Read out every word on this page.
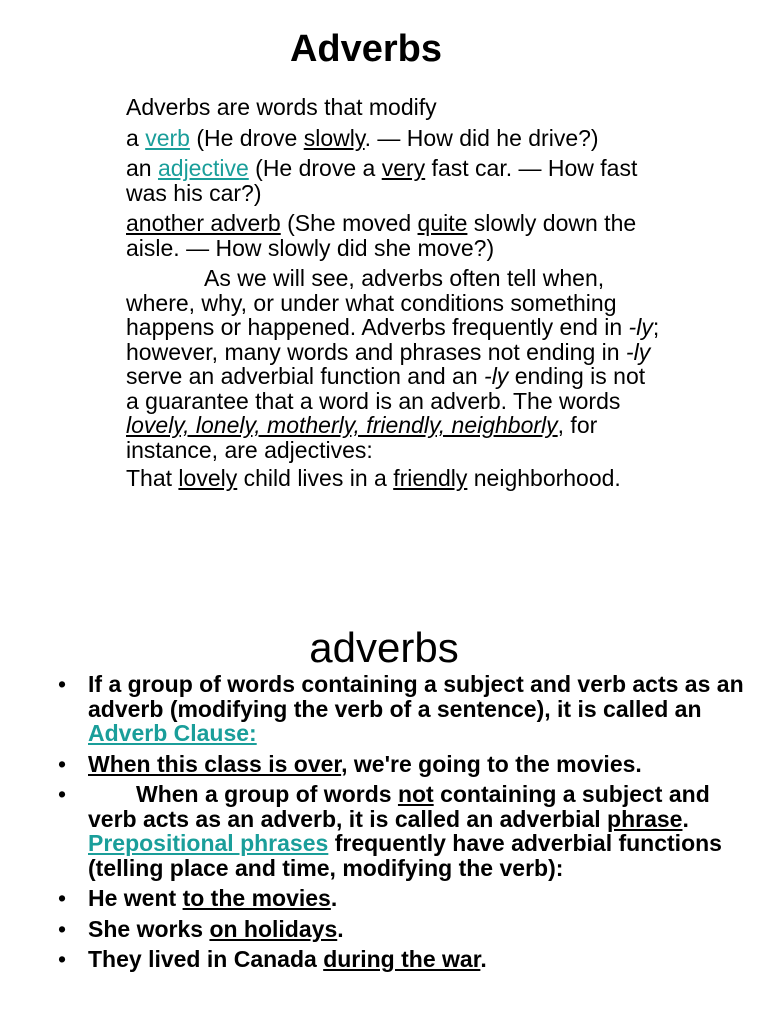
Adverbs

Adverbs are words that modify

a verb (He drove slowly. — How did he drive?)

an adjective (He drove a very fast car. — How fast was his car?)

another adverb (She moved quite slowly down the aisle. — How slowly did she move?)

As we will see, adverbs often tell when, where, why, or under what conditions something happens or happened. Adverbs frequently end in -ly; however, many words and phrases not ending in -ly serve an adverbial function and an -ly ending is not a guarantee that a word is an adverb. The words lovely, lonely, motherly, friendly, neighborly, for instance, are adjectives:

That lovely child lives in a friendly neighborhood.

adverbs
• If a group of words containing a subject and verb acts as an adverb (modifying the verb of a sentence), it is called an Adverb Clause:
• When this class is over, we're going to the movies.
•	When a group of words not containing a subject and verb acts as an adverb, it is called an adverbial phrase. Prepositional phrases frequently have adverbial functions (telling place and time, modifying the verb):
• He went to the movies.
• She works on holidays.
• They lived in Canada during the war.
